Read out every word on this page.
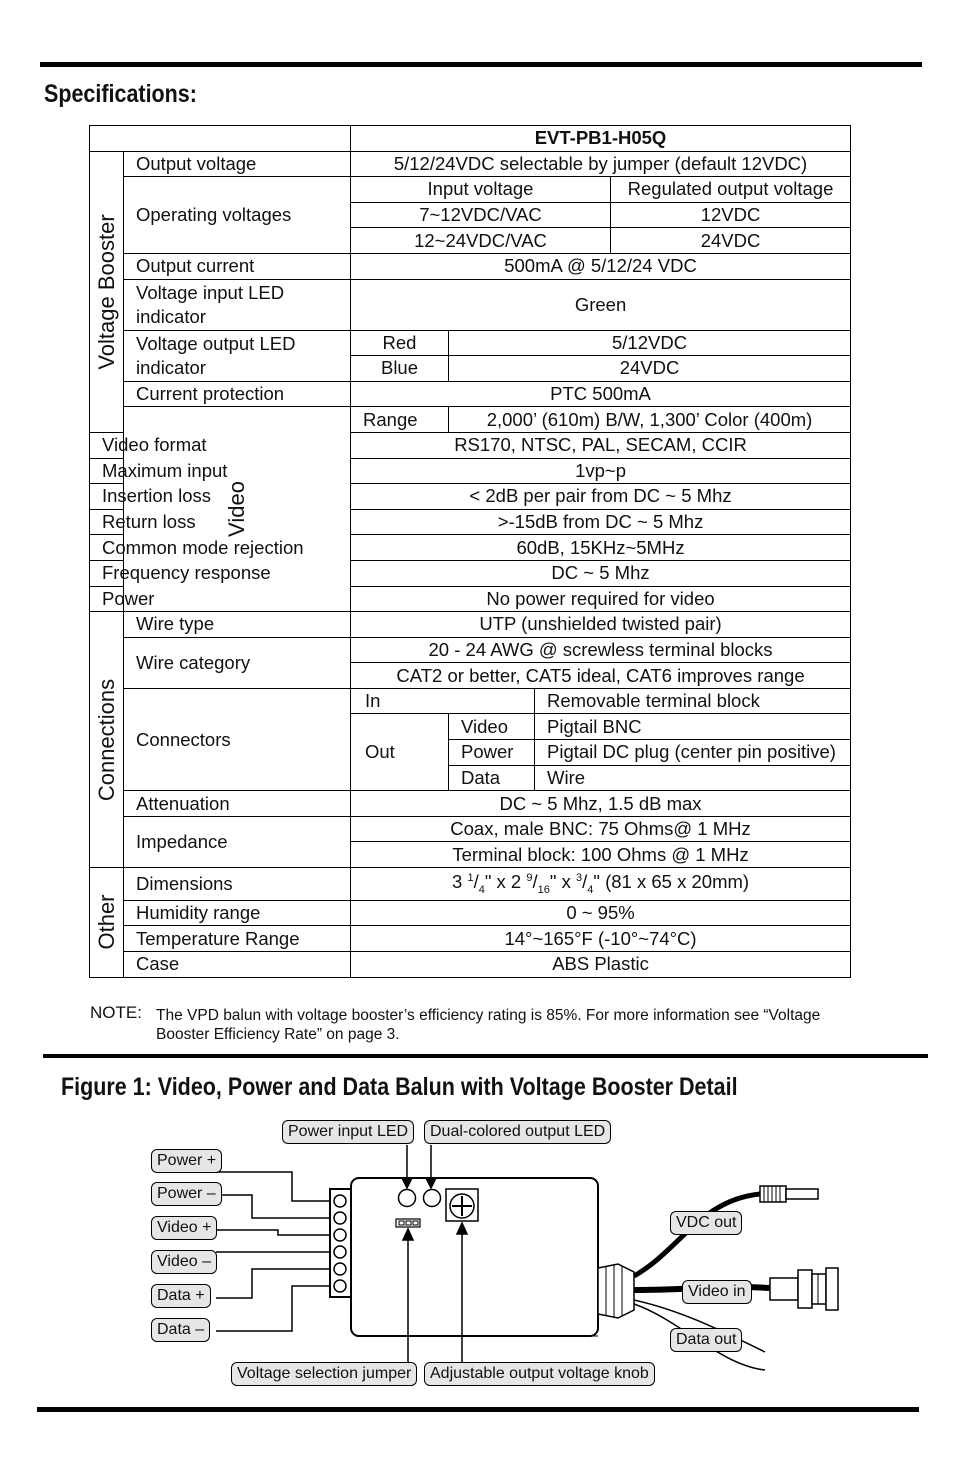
Specifications:
		EVT-PB1-H05Q			

Voltage Booster	Output voltage	5/12/24VDC selectable by jumper (default 12VDC)			
	Operating voltages	Input voltage			Regulated output voltage
		7~12VDC/VAC			12VDC
		12~24VDC/VAC			24VDC
	Output current	500mA @ 5/12/24 VDC			
	Voltage input LED indicator	Green			
	Voltage output LED indicator	Red	5/12VDC		
		Blue	24VDC		
	Current protection	PTC 500mA			

	Video	Range	2,000’ (610m) B/W, 1,300’ Color (400m)		
Video format		RS170, NTSC, PAL, SECAM, CCIR			
Maximum input		1vp~p			
Insertion loss		< 2dB per pair from DC ~ 5 Mhz			
Return loss		>-15dB from DC ~ 5 Mhz			
Common mode rejection		60dB, 15KHz~5MHz			
Frequency response		DC ~ 5 Mhz			
Power		No power required for video			

Connections	Wire type	UTP (unshielded twisted pair)			
	Wire category	20 - 24 AWG @ screwless terminal blocks			
		CAT2 or better, CAT5 ideal, CAT6 improves range			
	Connectors	In		Removable terminal block	
		Out	Video	Pigtail BNC	
			Power	Pigtail DC plug (center pin positive)	
			Data	Wire	
	Attenuation	DC ~ 5 Mhz, 1.5 dB max			
	Impedance	Coax, male BNC: 75 Ohms@ 1 MHz			
		Terminal block: 100 Ohms @ 1 MHz			

Other	Dimensions	3 $^1/_4$" x 2 $^9/_{16}$" x $^3/_4$" (81 x 65 x 20mm)			
	Humidity range	0 ~ 95%			
	Temperature Range	14°~165°F (-10°~74°C)			
	Case	ABS Plastic			
NOTE: The VPD balun with voltage booster’s efficiency rating is 85%. For more information see “Voltage Booster Efficiency Rate” on page 3.
Figure 1: Video, Power and Data Balun with Voltage Booster Detail
Power input LED	Dual-colored output LED
Power +
Power –
Video +
Video –
Data +
Data –
VDC out
Video in
Data out
Voltage selection jumper	Adjustable output voltage knob
